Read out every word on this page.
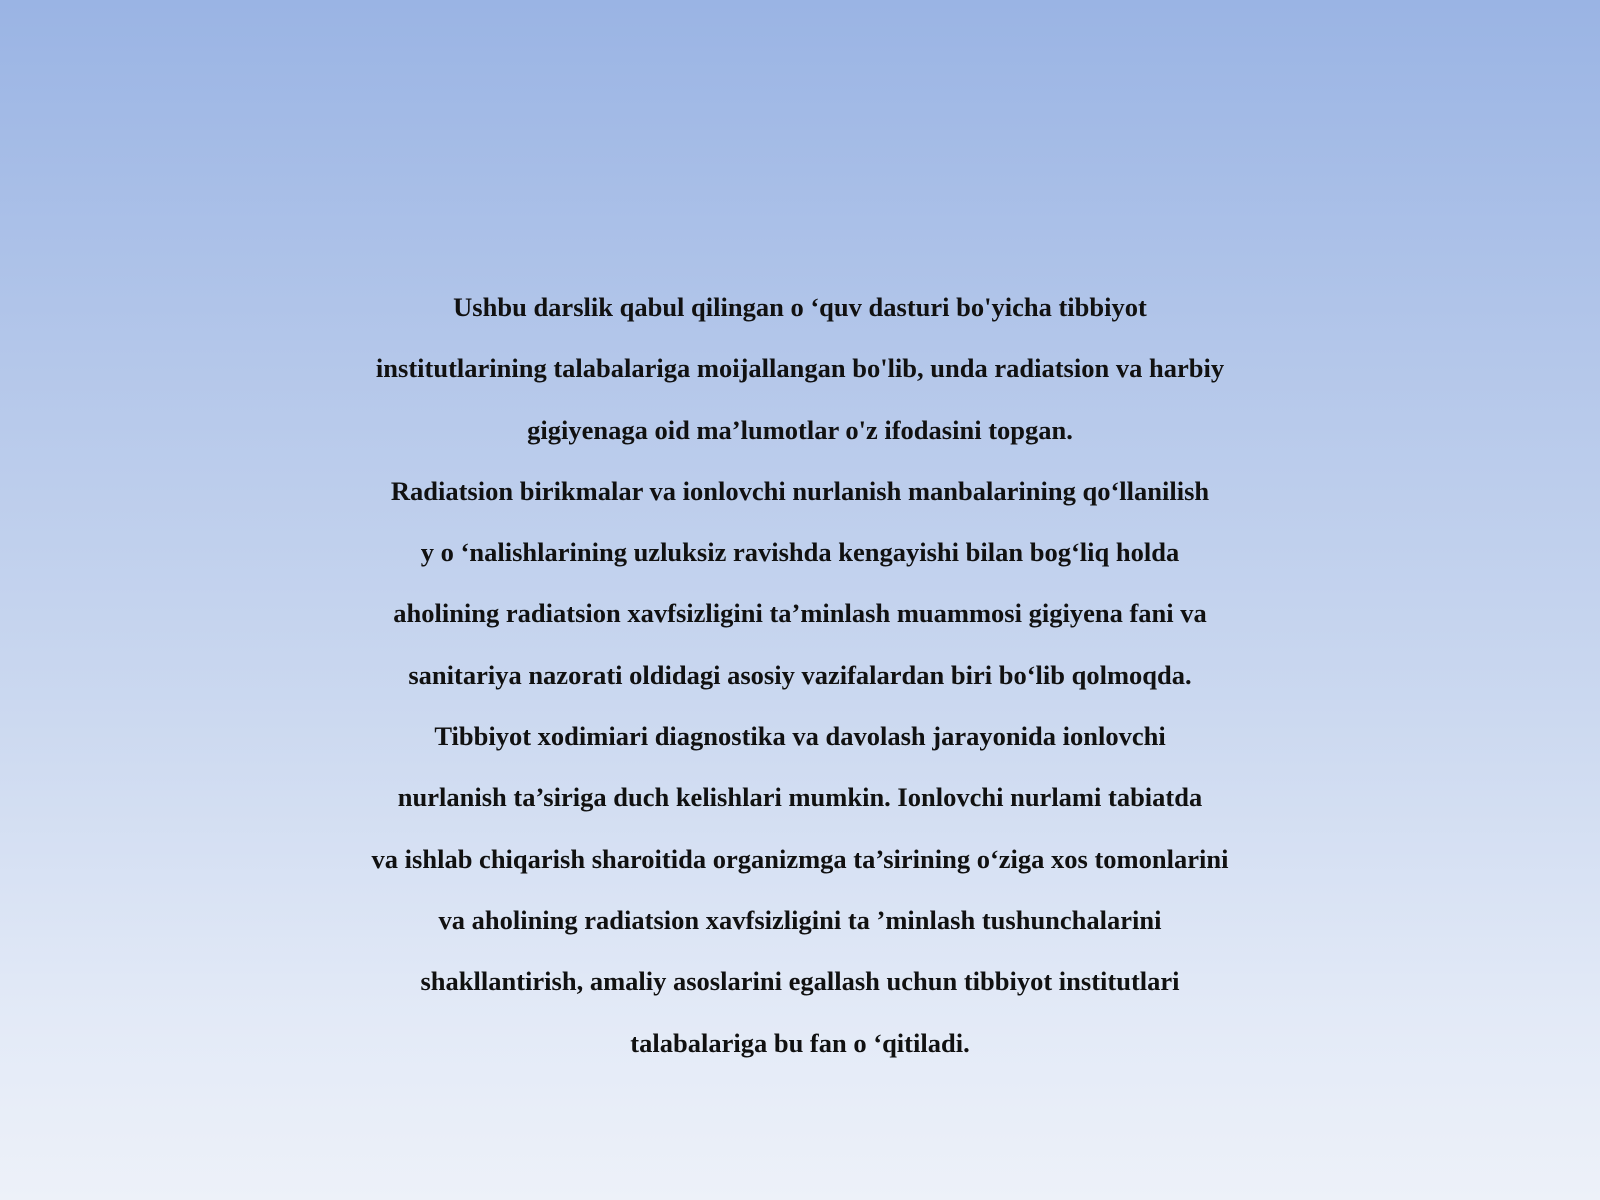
Ushbu darslik qabul qilingan o ‘quv dasturi bo'yicha tibbiyot
institutlarining talabalariga moijallangan bo'lib, unda radiatsion va harbiy
gigiyenaga oid ma’lumotlar o'z ifodasini topgan.
Radiatsion birikmalar va ionlovchi nurlanish manbalarining qo‘llanilish
y o ‘nalishlarining uzluksiz ravishda kengayishi bilan bog‘liq holda
aholining radiatsion xavfsizligini ta’minlash muammosi gigiyena fani va
sanitariya nazorati oldidagi asosiy vazifalardan biri bo‘lib qolmoqda.
Tibbiyot xodimiari diagnostika va davolash jarayonida ionlovchi
nurlanish ta’siriga duch kelishlari mumkin. Ionlovchi nurlami tabiatda
va ishlab chiqarish sharoitida organizmga ta’sirining o‘ziga xos tomonlarini
va aholining radiatsion xavfsizligini ta ’minlash tushunchalarini
shakllantirish, amaliy asoslarini egallash uchun tibbiyot institutlari
talabalariga bu fan o ‘qitiladi.
